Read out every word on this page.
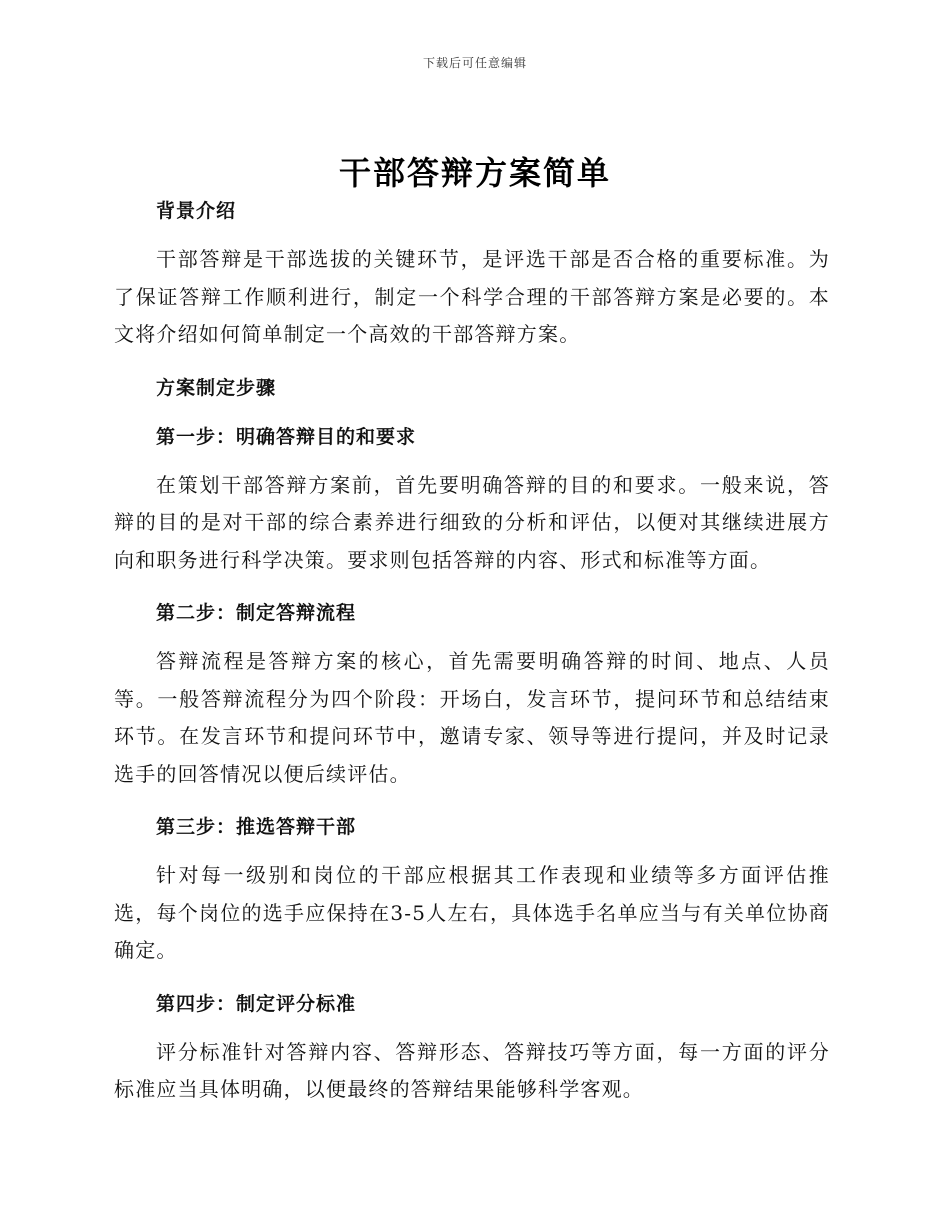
下载后可任意编辑
干部答辩方案简单
背景介绍

干部答辩是干部选拔的关键环节，是评选干部是否合格的重要标准。为了保证答辩工作顺利进行，制定一个科学合理的干部答辩方案是必要的。本文将介绍如何简单制定一个高效的干部答辩方案。

方案制定步骤
第一步：明确答辩目的和要求

在策划干部答辩方案前，首先要明确答辩的目的和要求。一般来说，答辩的目的是对干部的综合素养进行细致的分析和评估，以便对其继续进展方向和职务进行科学决策。要求则包括答辩的内容、形式和标准等方面。

第二步：制定答辩流程

答辩流程是答辩方案的核心，首先需要明确答辩的时间、地点、人员等。一般答辩流程分为四个阶段：开场白，发言环节，提问环节和总结结束环节。在发言环节和提问环节中，邀请专家、领导等进行提问，并及时记录选手的回答情况以便后续评估。

第三步：推选答辩干部

针对每一级别和岗位的干部应根据其工作表现和业绩等多方面评估推选，每个岗位的选手应保持在3-5人左右，具体选手名单应当与有关单位协商确定。

第四步：制定评分标准

评分标准针对答辩内容、答辩形态、答辩技巧等方面，每一方面的评分标准应当具体明确，以便最终的答辩结果能够科学客观。
